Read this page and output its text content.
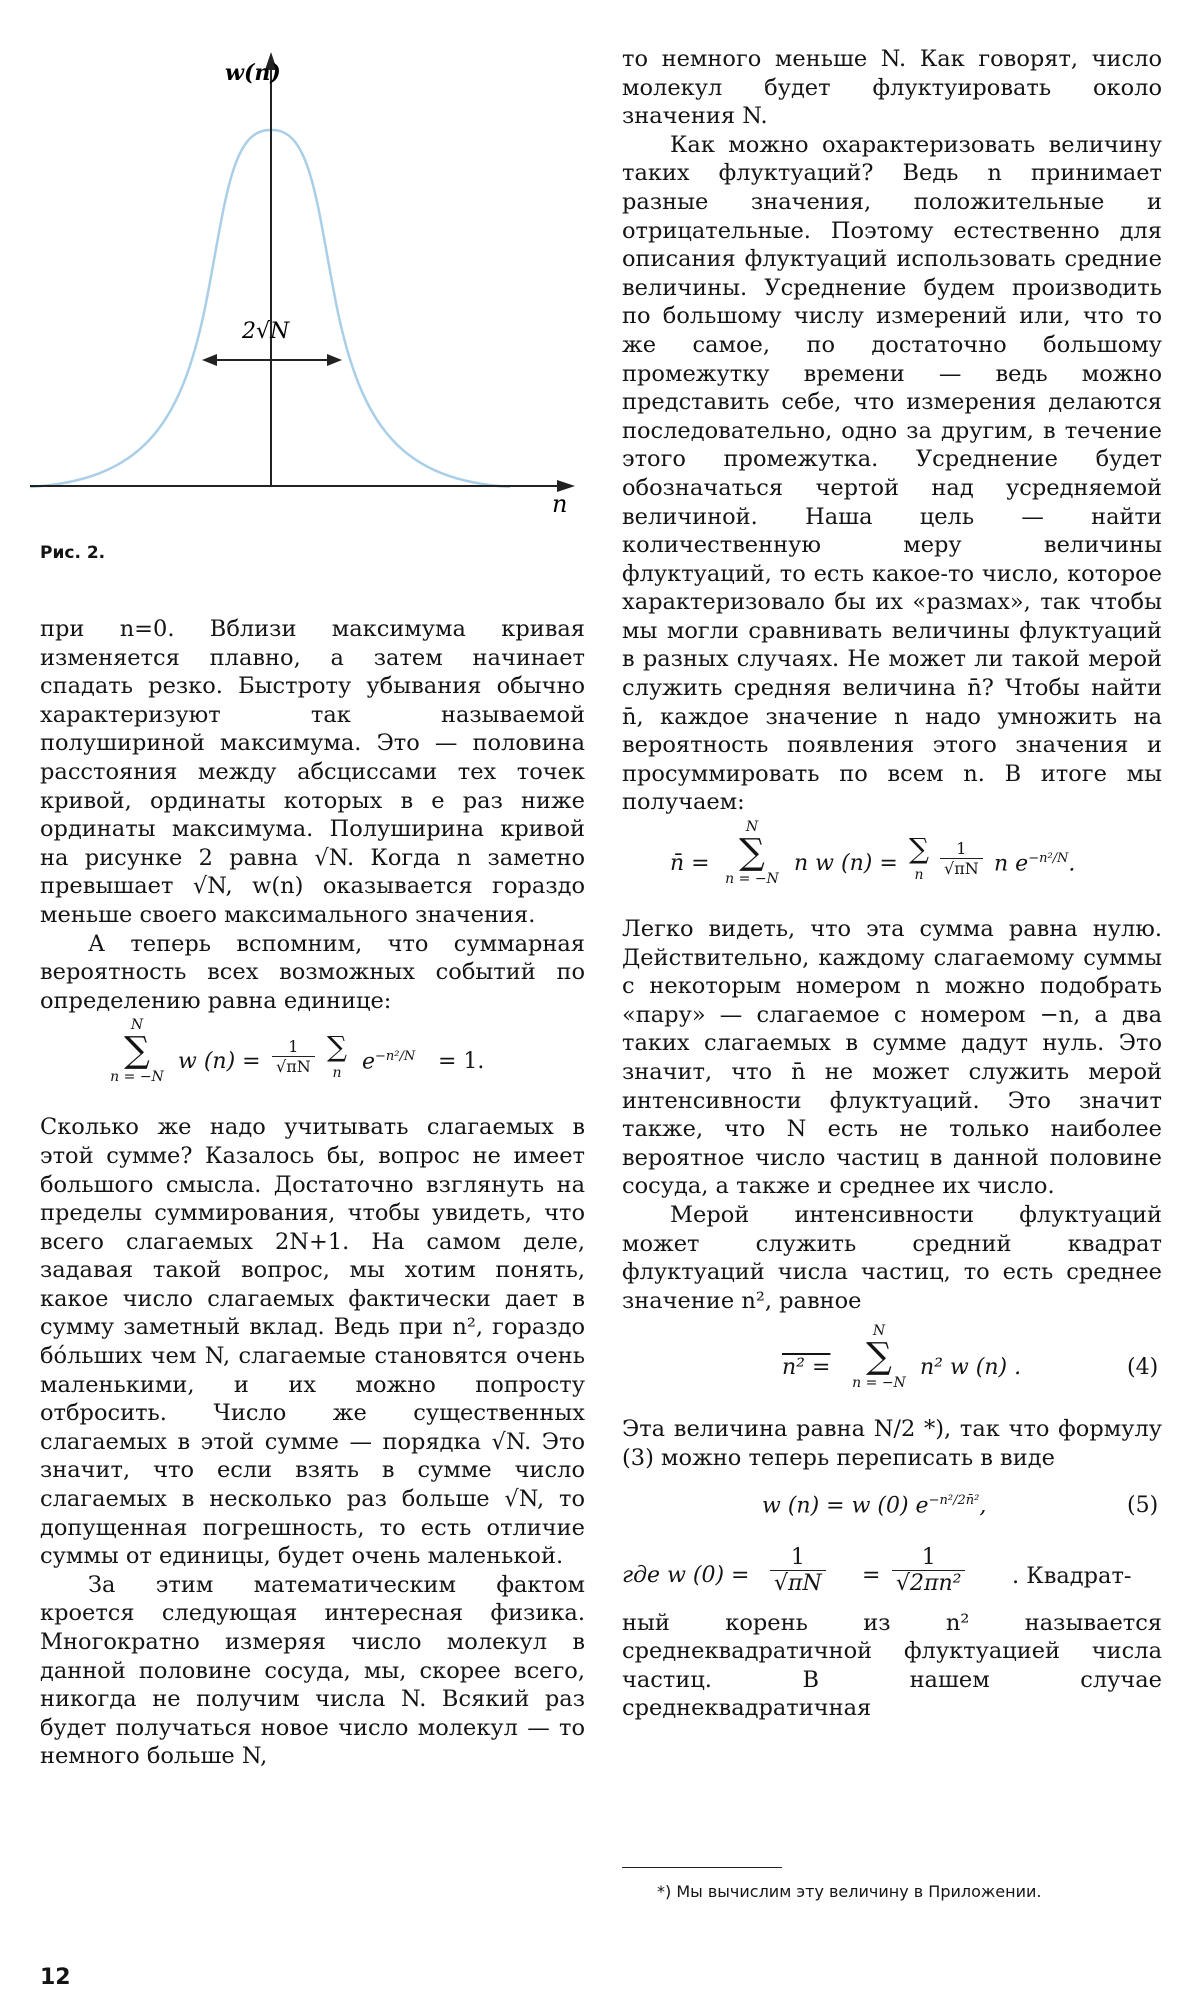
w(n)
n
2√N
Рис. 2.

при n=0. Вблизи максимума кривая изменяется плавно, а затем начинает спадать резко. Быстроту убывания обычно характеризуют так называемой полушириной максимума. Это — половина расстояния между абсциссами тех точек кривой, ординаты которых в e раз ниже ординаты максимума. Полуширина кривой на рисунке 2 равна √N. Когда n заметно превышает √N, w(n) оказывается гораздо меньше своего максимального значения.

А теперь вспомним, что суммарная вероятность всех возможных событий по определению равна единице:

N
∑
n = −N
w $(n) = \frac{1}{√\pi N}$ ∑
n $e^{-n^2/N} = 1$.

Сколько же надо учитывать слагаемых в этой сумме? Казалось бы, вопрос не имеет большого смысла. Достаточно взглянуть на пределы суммирования, чтобы увидеть, что всего слагаемых 2N+1. На самом деле, задавая такой вопрос, мы хотим понять, какое число слагаемых фактически дает в сумму заметный вклад. Ведь при n², гораздо бо́льших чем N, слагаемые становятся очень маленькими, и их можно попросту отбросить. Число же существенных слагаемых в этой сумме — порядка √N. Это значит, что если взять в сумме число слагаемых в несколько раз больше √N, то допущенная погрешность, то есть отличие суммы от единицы, будет очень маленькой.

За этим математическим фактом кроется следующая интересная физика. Многократно измеряя число молекул в данной половине сосуда, мы, скорее всего, никогда не получим числа N. Всякий раз будет получаться новое число молекул — то немного больше N,

то немного меньше N. Как говорят, число молекул будет флуктуировать около значения N.

Как можно охарактеризовать величину таких флуктуаций? Ведь n принимает разные значения, положительные и отрицательные. Поэтому естественно для описания флуктуаций использовать средние величины. Усреднение будем производить по большому числу измерений или, что то же самое, по достаточно большому промежутку времени — ведь можно представить себе, что измерения делаются последовательно, одно за другим, в течение этого промежутка. Усреднение будет обозначаться чертой над усредняемой величиной. Наша цель — найти количественную меру величины флуктуаций, то есть какое-то число, которое характеризовало бы их «размах», так чтобы мы могли сравнивать величины флуктуаций в разных случаях. Не может ли такой мерой служить средняя величина n̄? Чтобы найти n̄, каждое значение n надо умножить на вероятность появления этого значения и просуммировать по всем n. В итоге мы получаем:

n̄ =
N
∑
n = −N
n w (n) = ∑
n	$\frac{1}{√\pi N}$ n $e^{-n^2/N}$.

Легко видеть, что эта сумма равна нулю. Действительно, каждому слагаемому суммы с некоторым номером n можно подобрать «пару» — слагаемое с номером −n, а два таких слагаемых в сумме дадут нуль. Это значит, что n̄ не может служить мерой интенсивности флуктуаций. Это значит также, что N есть не только наиболее вероятное число частиц в данной половине сосуда, а также и среднее их число.

Мерой интенсивности флуктуаций может служить средний квадрат флуктуаций числа частиц, то есть среднее значение n², равное

n² =
N
∑
n = −N
n² w (n) .	(4)

Эта величина равна N/2 *), так что формулу (3) можно теперь переписать в виде

w (n) = w (0) $e^{-n^2/2n̄^2}$,	(5)
где w $(0) = \frac{1}{√\pi N} = \frac{1}{\text{√2πn²}}$ . Квадрат-

ный корень из n² называется среднеквадратичной флуктуацией числа частиц. В нашем случае среднеквадратичная

*) Мы вычислим эту величину в Приложении.
12
